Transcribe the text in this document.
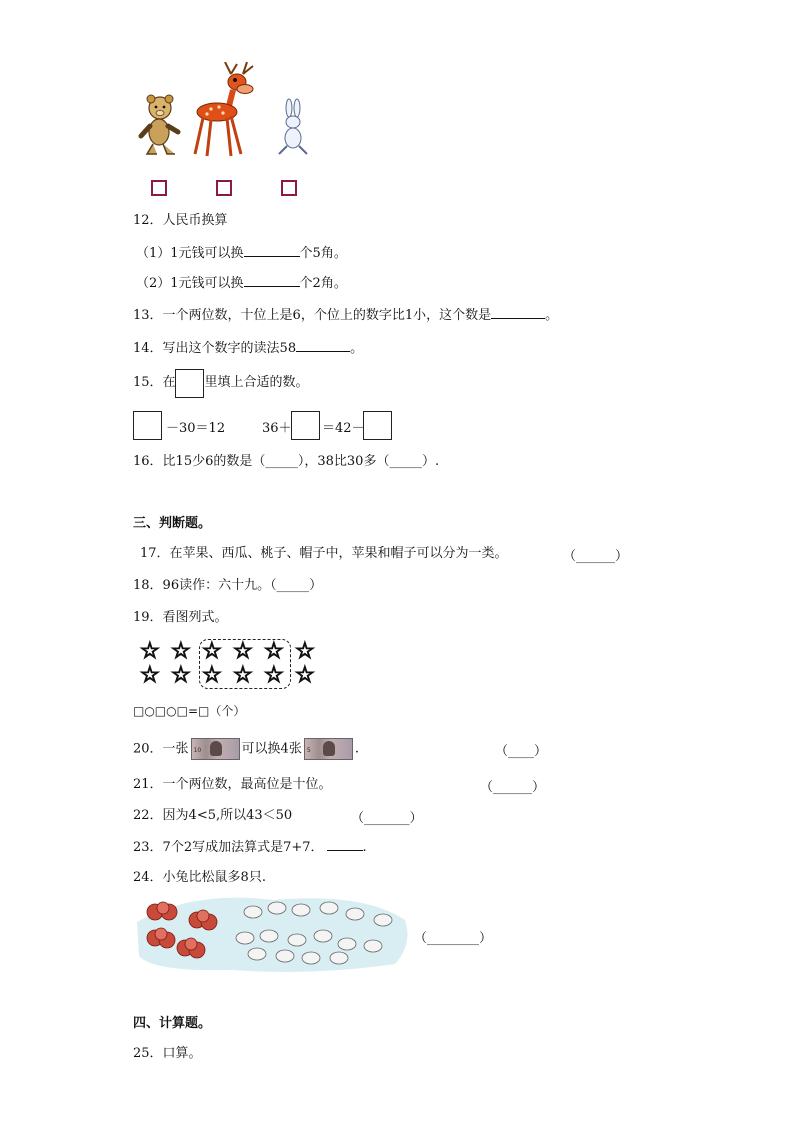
12．人民币换算
（1）1元钱可以换	个5角。
（2）1元钱可以换	个2角。
13．一个两位数，十位上是6，个位上的数字比1小，这个数是	。
14．写出这个数字的读法58	。
15．在 里填上合适的数。
－30＝12	36＋ ＝42－
16．比15少6的数是（_____），38比30多（_____）.
三、判断题。
17．在苹果、西瓜、桃子、帽子中，苹果和帽子可以分为一类。	（______）
18．96读作：六十九。（_____）
19．看图列式。
☆ ☆ ☆ ☆ ☆ ☆
☆ ☆ ☆ ☆ ☆ ☆
□○□○□=□（个）
20．一张 10	可以换4张 5	.	（____）
21．一个两位数，最高位是十位。	（______）
22．因为4<5,所以43＜50	（_______）
23．7个2写成加法算式是7+7．	.
24．小兔比松鼠多8只.
（________）
四、计算题。
25．口算。
